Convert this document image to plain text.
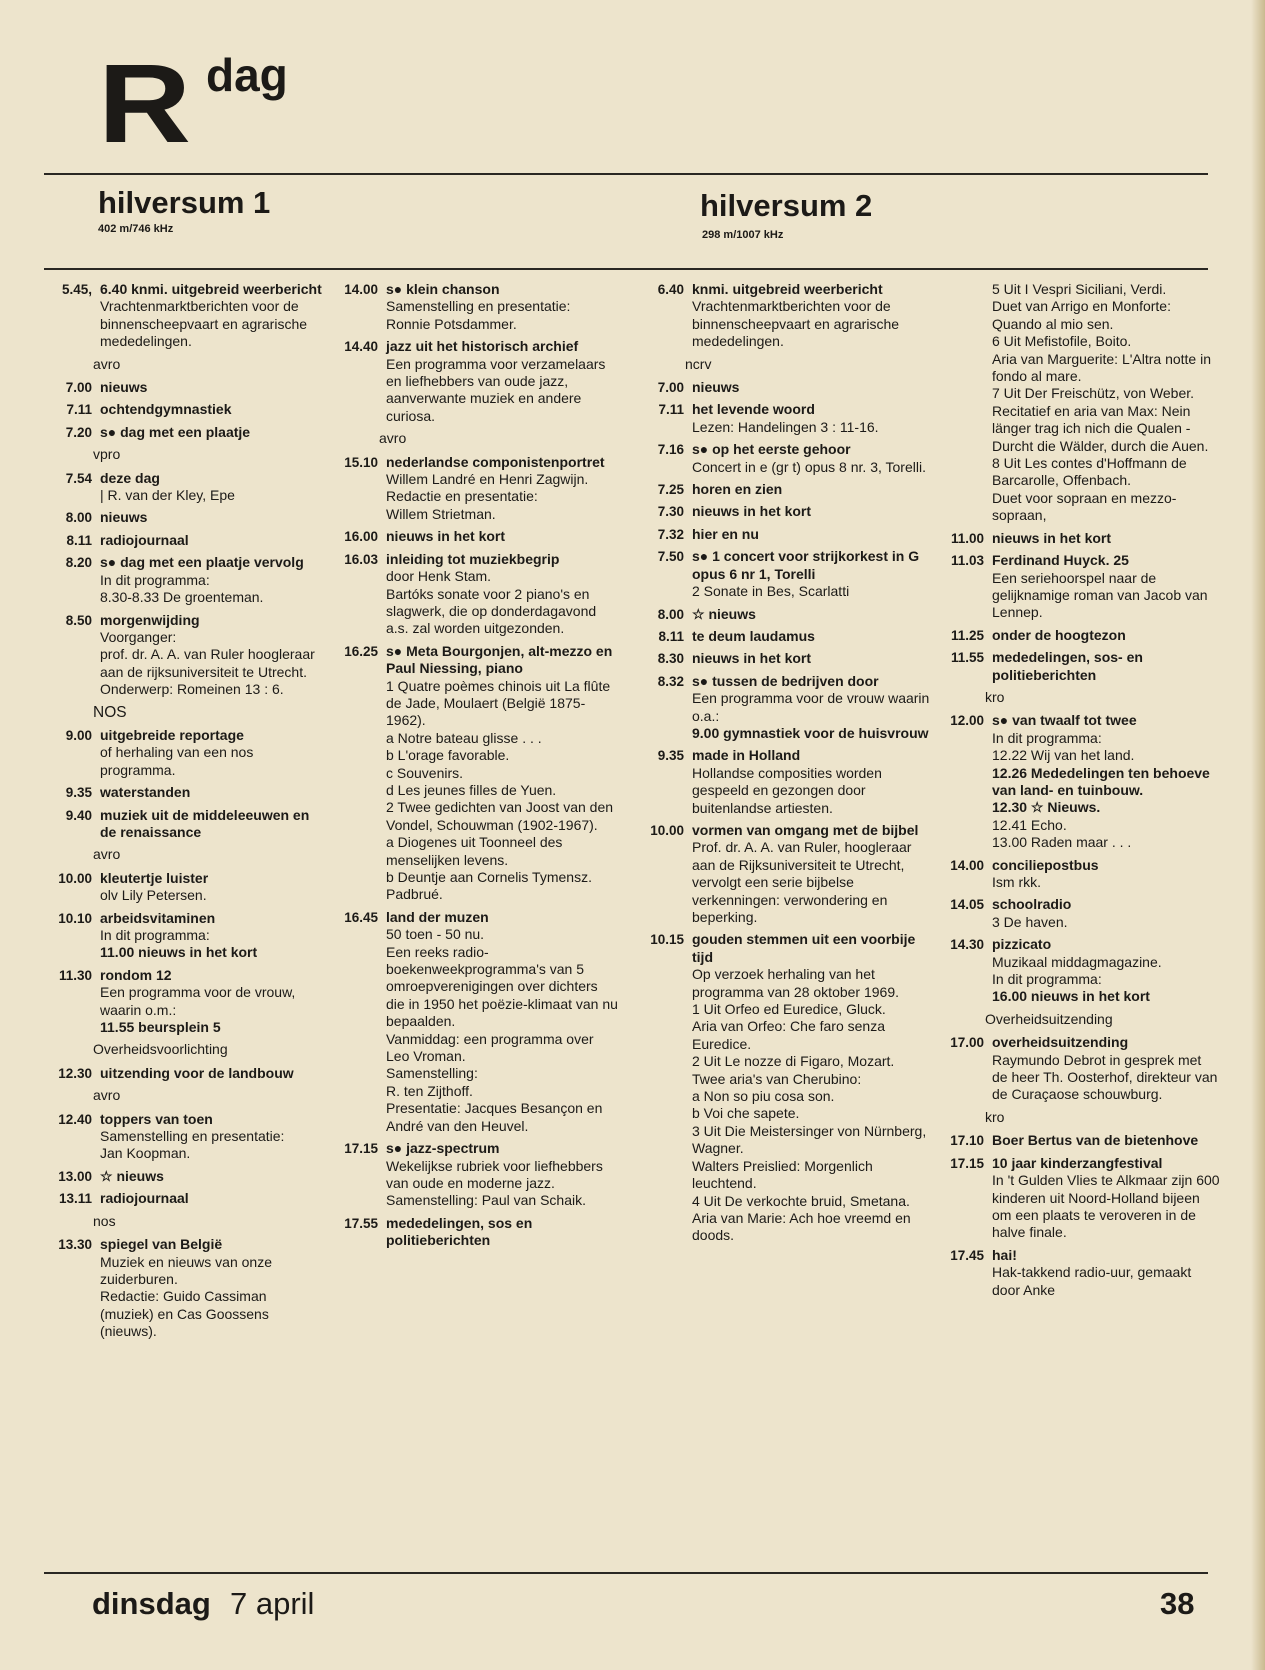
R dag
hilversum 1
402 m/746 kHz
hilversum 2
298 m/1007 kHz
5.45, 6.40 knmi. uitgebreid weerbericht
Vrachtenmarktberichten voor de binnenscheepvaart en agrarische mededelingen.
avro
7.00 nieuws
7.11 ochtendgymnastiek
7.20 s● dag met een plaatje
vpro
7.54 deze dag
| R. van der Kley, Epe
8.00 nieuws
8.11 radiojournaal
8.20 s● dag met een plaatje vervolg
In dit programma:
8.30-8.33 De groenteman.
8.50 morgenwijding
Voorganger:
prof. dr. A. A. van Ruler hoogleraar aan de rijksuniversiteit te Utrecht.
Onderwerp: Romeinen 13 : 6.
NOS
9.00 uitgebreide reportage
of herhaling van een nos programma.
9.35 waterstanden
9.40 muziek uit de middeleeuwen en de renaissance
avro
10.00 kleutertje luister
olv Lily Petersen.
10.10 arbeidsvitaminen
In dit programma:
11.00 nieuws in het kort
11.30 rondom 12
Een programma voor de vrouw, waarin o.m.:
11.55 beursplein 5
Overheidsvoorlichting
12.30 uitzending voor de landbouw
avro
12.40 toppers van toen
Samenstelling en presentatie:
Jan Koopman.
13.00 ☆ nieuws
13.11 radiojournaal
nos
13.30 spiegel van België
Muziek en nieuws van onze zuiderburen.
Redactie: Guido Cassiman (muziek) en Cas Goossens (nieuws).
14.00 s● klein chanson
Samenstelling en presentatie:
Ronnie Potsdammer.
14.40 jazz uit het historisch archief
Een programma voor verzamelaars en liefhebbers van oude jazz, aanverwante muziek en andere curiosa.
avro
15.10 nederlandse componistenportret
Willem Landré en Henri Zagwijn.
Redactie en presentatie:
Willem Strietman.
16.00 nieuws in het kort
16.03 inleiding tot muziekbegrip
door Henk Stam.
Bartóks sonate voor 2 piano's en slagwerk, die op donderdagavond a.s. zal worden uitgezonden.
16.25 s● Meta Bourgonjen, alt-mezzo en Paul Niessing, piano
1 Quatre poèmes chinois uit La flûte de Jade, Moulaert (België 1875-1962).
a Notre bateau glisse . . .
b L'orage favorable.
c Souvenirs.
d Les jeunes filles de Yuen.
2 Twee gedichten van Joost van den Vondel, Schouwman (1902-1967).
a Diogenes uit Toonneel des menselijken levens.
b Deuntje aan Cornelis Tymensz. Padbrué.
16.45 land der muzen
50 toen - 50 nu.
Een reeks radio-boekenweekprogramma's van 5 omroepverenigingen over dichters die in 1950 het poëzie-klimaat van nu bepaalden.
Vanmiddag: een programma over Leo Vroman.
Samenstelling:
R. ten Zijthoff.
Presentatie: Jacques Besançon en André van den Heuvel.
17.15 s● jazz-spectrum
Wekelijkse rubriek voor liefhebbers van oude en moderne jazz.
Samenstelling: Paul van Schaik.
17.55 mededelingen, sos en politieberichten
6.40 knmi. uitgebreid weerbericht
Vrachtenmarktberichten voor de binnenscheepvaart en agrarische mededelingen.
ncrv
7.00 nieuws
7.11 het levende woord
Lezen: Handelingen 3 : 11-16.
7.16 s● op het eerste gehoor
Concert in e (gr t) opus 8 nr. 3, Torelli.
7.25 horen en zien
7.30 nieuws in het kort
7.32 hier en nu
7.50 s● 1 concert voor strijkorkest in G opus 6 nr 1, Torelli
2 Sonate in Bes, Scarlatti
8.00 ☆ nieuws
8.11 te deum laudamus
8.30 nieuws in het kort
8.32 s● tussen de bedrijven door
Een programma voor de vrouw waarin o.a.:
9.00 gymnastiek voor de huisvrouw
9.35 made in Holland
Hollandse composities worden gespeeld en gezongen door buitenlandse artiesten.
10.00 vormen van omgang met de bijbel
Prof. dr. A. A. van Ruler, hoogleraar aan de Rijksuniversiteit te Utrecht, vervolgt een serie bijbelse verkenningen: verwondering en beperking.
10.15 gouden stemmen uit een voorbije tijd
Op verzoek herhaling van het programma van 28 oktober 1969.
1 Uit Orfeo ed Euredice, Gluck.
Aria van Orfeo: Che faro senza Euredice.
2 Uit Le nozze di Figaro, Mozart.
Twee aria's van Cherubino:
a Non so piu cosa son.
b Voi che sapete.
3 Uit Die Meistersinger von Nürnberg, Wagner.
Walters Preislied: Morgenlich leuchtend.
4 Uit De verkochte bruid, Smetana.
Aria van Marie: Ach hoe vreemd en doods.
5 Uit I Vespri Siciliani, Verdi.
Duet van Arrigo en Monforte: Quando al mio sen.
6 Uit Mefistofile, Boito.
Aria van Marguerite: L'Altra notte in fondo al mare.
7 Uit Der Freischütz, von Weber.
Recitatief en aria van Max: Nein länger trag ich nich die Qualen - Durcht die Wälder, durch die Auen.
8 Uit Les contes d'Hoffmann de Barcarolle, Offenbach.
Duet voor sopraan en mezzo-sopraan,
11.00 nieuws in het kort
11.03 Ferdinand Huyck. 25
Een seriehoorspel naar de gelijknamige roman van Jacob van Lennep.
11.25 onder de hoogtezon
11.55 mededelingen, sos- en politieberichten
kro
12.00 s● van twaalf tot twee
In dit programma:
12.22 Wij van het land.
12.26 Mededelingen ten behoeve van land- en tuinbouw.
12.30 ☆ Nieuws.
12.41 Echo.
13.00 Raden maar . . .
14.00 conciliepostbus
Ism rkk.
14.05 schoolradio
3 De haven.
14.30 pizzicato
Muzikaal middagmagazine.
In dit programma:
16.00 nieuws in het kort
Overheidsuitzending
17.00 overheidsuitzending
Raymundo Debrot in gesprek met de heer Th. Oosterhof, direkteur van de Curaçaose schouwburg.
kro
17.10 Boer Bertus van de bietenhove
17.15 10 jaar kinderzangfestival
In 't Gulden Vlies te Alkmaar zijn 600 kinderen uit Noord-Holland bijeen om een plaats te veroveren in de halve finale.
17.45 hai!
Hak-takkend radio-uur, gemaakt door Anke
dinsdag 7 april	38
